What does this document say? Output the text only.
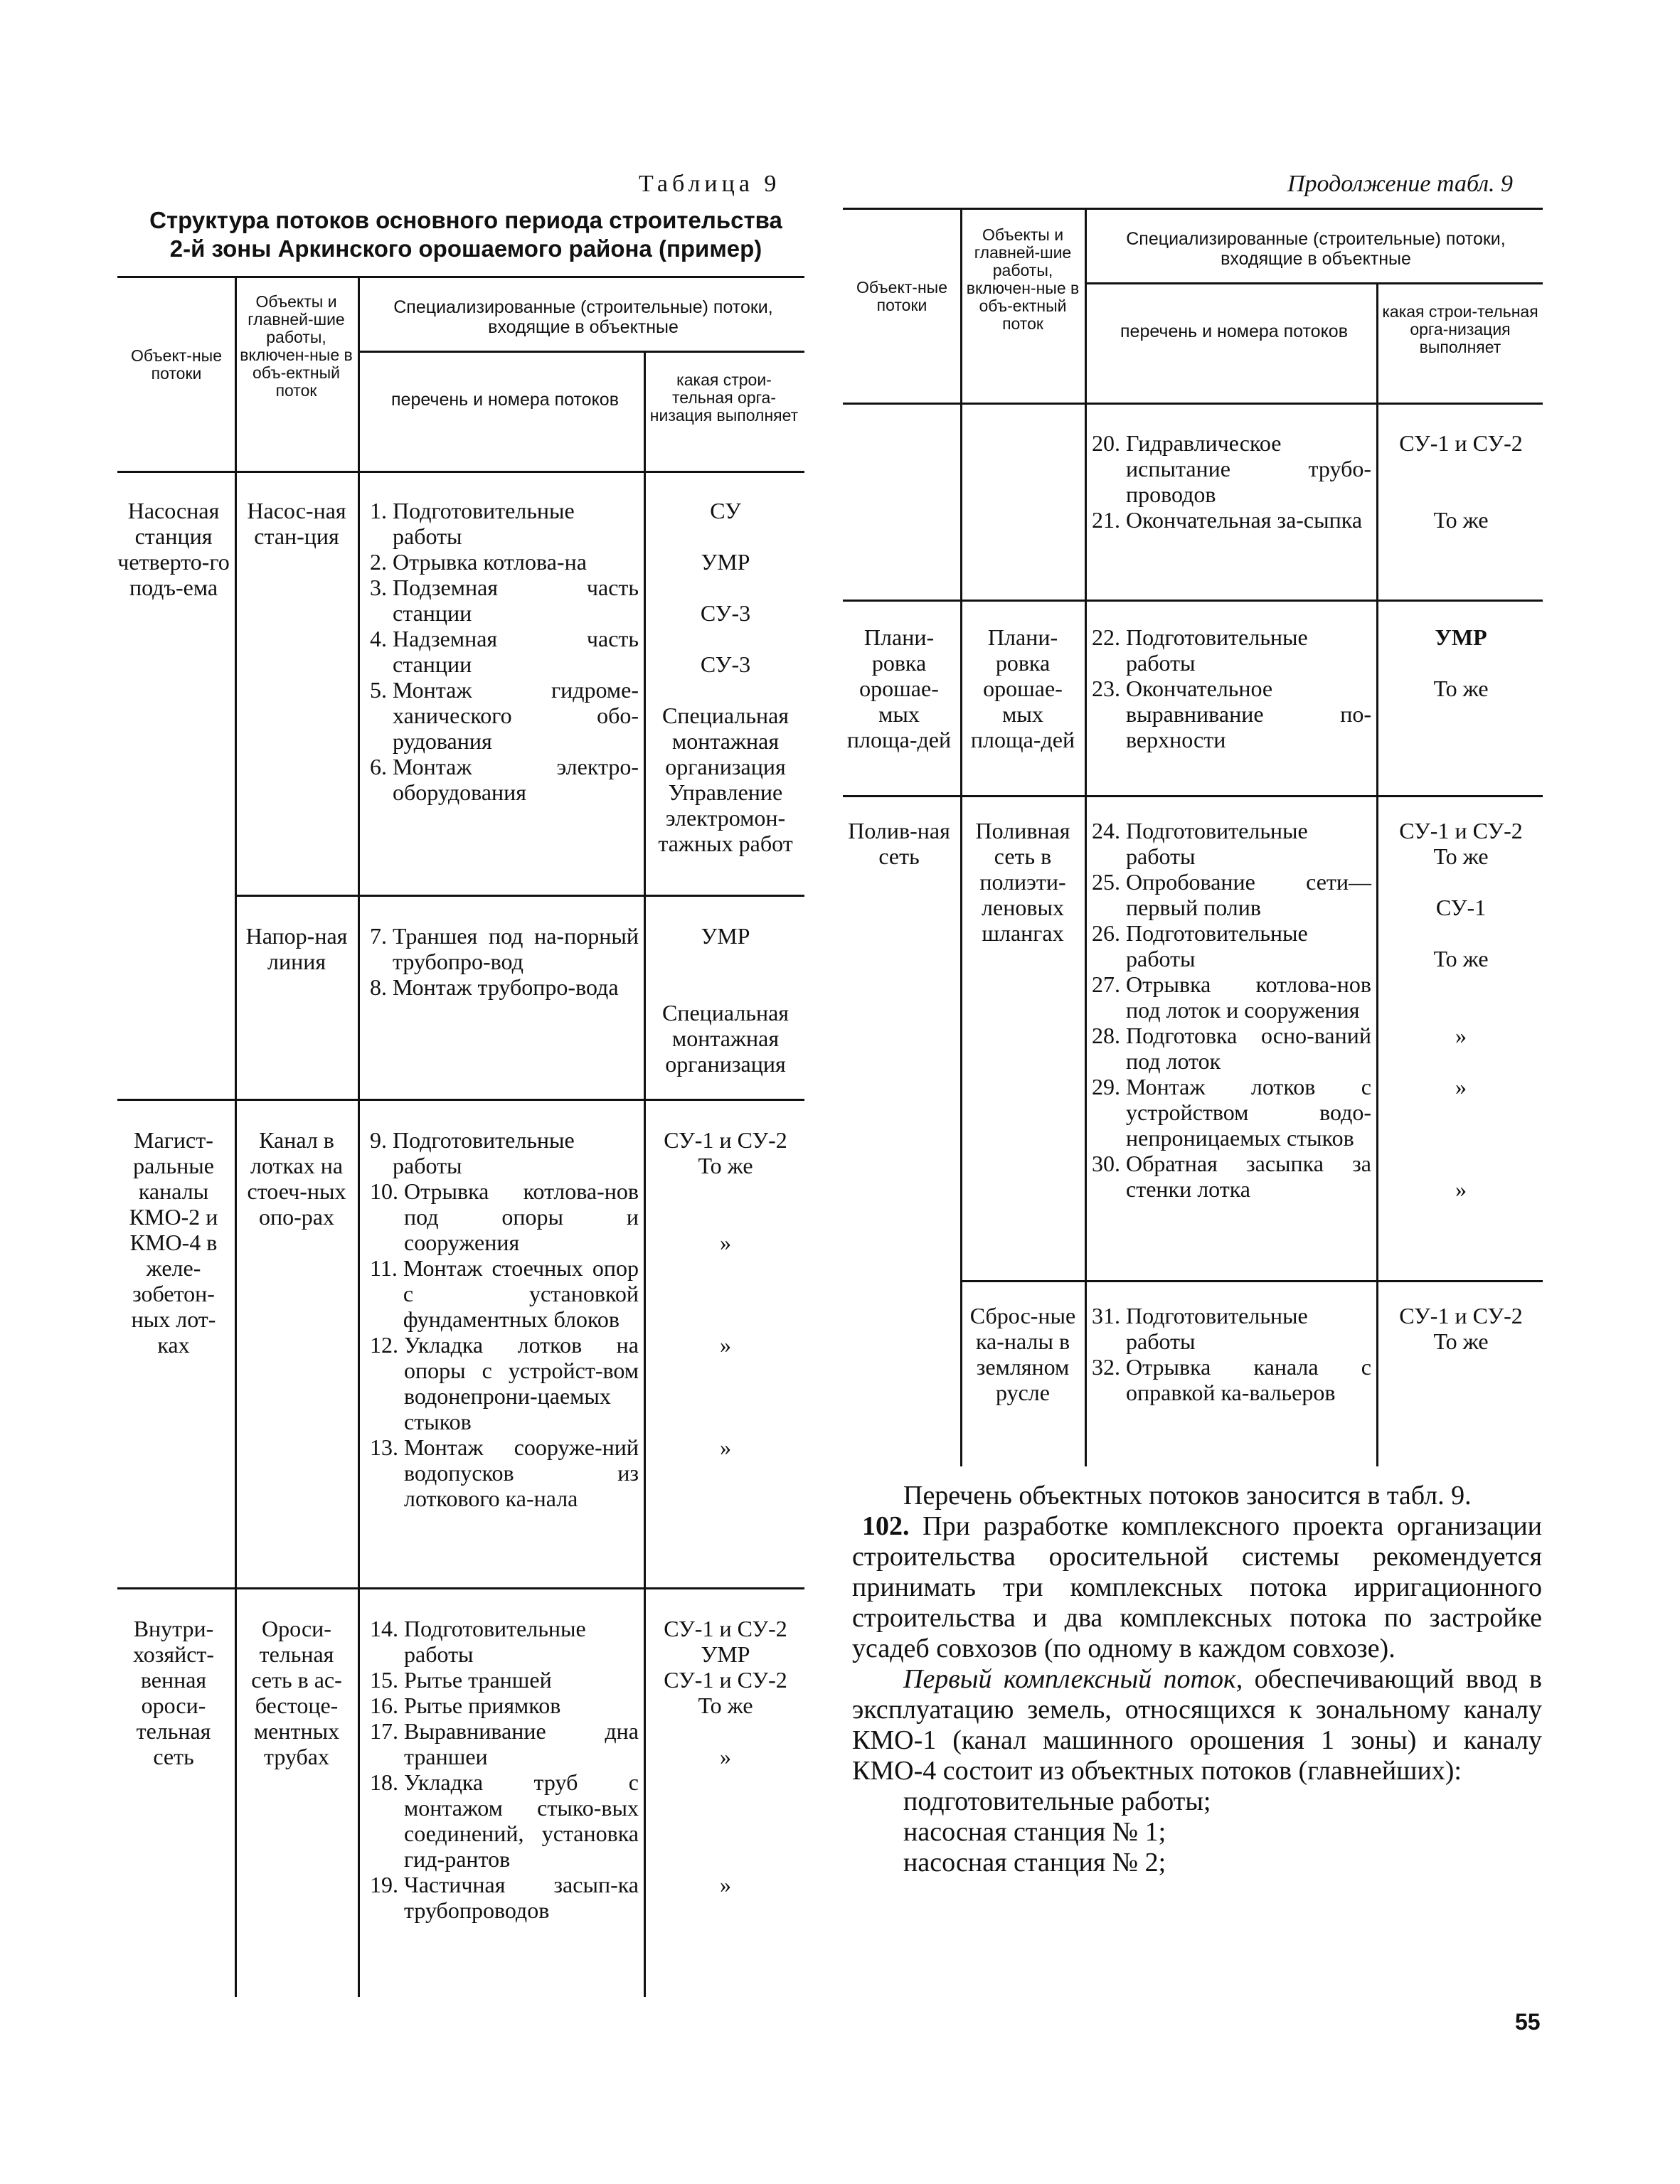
Таблица 9
Структура потоков основного периода строительства
2-й зоны Аркинского орошаемого района (пример)
Объект-ные потоки
Объекты и главней-шие работы, включен-ные в объ-ектный поток
Специализированные (строительные) потоки, входящие в объектные
перечень и номера потоков
какая строи-тельная орга-низация выполняет
Насосная станция четверто-го подъ-ема
Насос-ная стан-ция
1. Подготовительные работы
2. Отрывка котлова-на
3. Подземная часть станции
4. Надземная часть станции
5. Монтаж гидроме-ханического обо-рудования
6. Монтаж электро-оборудования
СУ
УМР
СУ-3
СУ-3
Специальная монтажная организация
Управление электромон-тажных работ
Напор-ная линия
7. Траншея под на-порный трубопро-вод
8. Монтаж трубопро-вода
УМР
Специальная монтажная организация
Магист-ральные каналы КМО-2 и КМО-4 в желе-зобетон-ных лот-ках
Канал в лотках на стоеч-ных опо-рах
9. Подготовительные работы
10. Отрывка котлова-нов под опоры и сооружения
11. Монтаж стоечных опор с установкой фундаментных блоков
12. Укладка лотков на опоры с устройст-вом водонепрони-цаемых стыков
13. Монтаж сооруже-ний водопусков из лоткового ка-нала
СУ-1 и СУ-2
То же
»
»
»
Внутри-хозяйст-венная ороси-тельная сеть
Ороси-тельная сеть в ас-бестоце-ментных трубах
14. Подготовительные работы
15. Рытье траншей
16. Рытье приямков
17. Выравнивание дна траншеи
18. Укладка труб с монтажом стыко-вых соединений, установка гид-рантов
19. Частичная засып-ка трубопроводов
СУ-1 и СУ-2
УМР
СУ-1 и СУ-2
То же
»
»
Продолжение табл. 9
Объект-ные потоки
Объекты и главней-шие работы, включен-ные в объ-ектный поток
Специализированные (строительные) потоки, входящие в объектные
перечень и номера потоков
какая строи-тельная орга-низация выполняет
20. Гидравлическое испытание трубо-проводов
21. Окончательная за-сыпка
СУ-1 и СУ-2
То же
Плани-ровка орошае-мых площа-дей
Плани-ровка орошае-мых площа-дей
22. Подготовительные работы
23. Окончательное выравнивание по-верхности
УМР
То же
Полив-ная сеть
Поливная сеть в полиэти-леновых шлангах
24. Подготовительные работы
25. Опробование сети— первый полив
26. Подготовительные работы
27. Отрывка котлова-нов под лоток и сооружения
28. Подготовка осно-ваний под лоток
29. Монтаж лотков с устройством водо-непроницаемых стыков
30. Обратная засыпка за стенки лотка
СУ-1 и СУ-2
То же
СУ-1
То же
»
»
»
Сброс-ные ка-налы в земляном русле
31. Подготовительные работы
32. Отрывка канала с оправкой ка-вальеров
СУ-1 и СУ-2
То же

Перечень объектных потоков заносится в табл. 9.

102. При разработке комплексного проекта организации строительства оросительной системы рекомендуется принимать три комплексных потока ирригационного строительства и два комплексных потока по застройке усадеб совхозов (по одному в каждом совхозе).

Первый комплексный поток, обеспечивающий ввод в эксплуатацию земель, относящихся к зональному каналу КМО-1 (канал машинного орошения 1 зоны) и каналу КМО-4 состоит из объектных потоков (главнейших):

подготовительные работы;

насосная станция № 1;

насосная станция № 2;

55
